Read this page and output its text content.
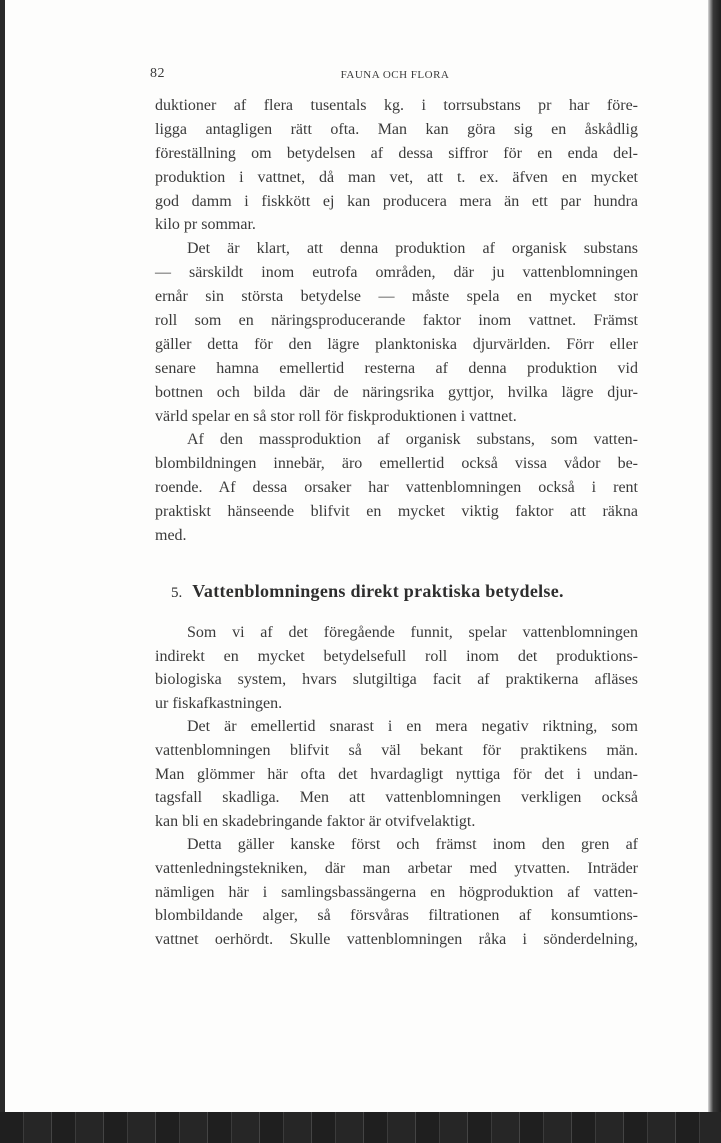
82	FAUNA OCH FLORA
duktioner af flera tusentals kg. i torrsubstans pr har före-
ligga antagligen rätt ofta. Man kan göra sig en åskådlig
föreställning om betydelsen af dessa siffror för en enda del-
produktion i vattnet, då man vet, att t. ex. äfven en mycket
god damm i fiskkött ej kan producera mera än ett par hundra
kilo pr sommar.
Det är klart, att denna produktion af organisk substans
— särskildt inom eutrofa områden, där ju vattenblomningen
ernår sin största betydelse — måste spela en mycket stor
roll som en näringsproducerande faktor inom vattnet. Främst
gäller detta för den lägre planktoniska djurvärlden. Förr eller
senare hamna emellertid resterna af denna produktion vid
bottnen och bilda där de näringsrika gyttjor, hvilka lägre djur-
värld spelar en så stor roll för fiskproduktionen i vattnet.
Af den massproduktion af organisk substans, som vatten-
blombildningen innebär, äro emellertid också vissa vådor be-
roende. Af dessa orsaker har vattenblomningen också i rent
praktiskt hänseende blifvit en mycket viktig faktor att räkna
med.
5. Vattenblomningens direkt praktiska betydelse.
Som vi af det föregående funnit, spelar vattenblomningen
indirekt en mycket betydelsefull roll inom det produktions-
biologiska system, hvars slutgiltiga facit af praktikerna afläses
ur fiskafkastningen.
Det är emellertid snarast i en mera negativ riktning, som
vattenblomningen blifvit så väl bekant för praktikens män.
Man glömmer här ofta det hvardagligt nyttiga för det i undan-
tagsfall skadliga. Men att vattenblomningen verkligen också
kan bli en skadebringande faktor är otvifvelaktigt.
Detta gäller kanske först och främst inom den gren af
vattenledningstekniken, där man arbetar med ytvatten. Inträder
nämligen här i samlingsbassängerna en högproduktion af vatten-
blombildande alger, så försvåras filtrationen af konsumtions-
vattnet oerhördt. Skulle vattenblomningen råka i sönderdelning,
